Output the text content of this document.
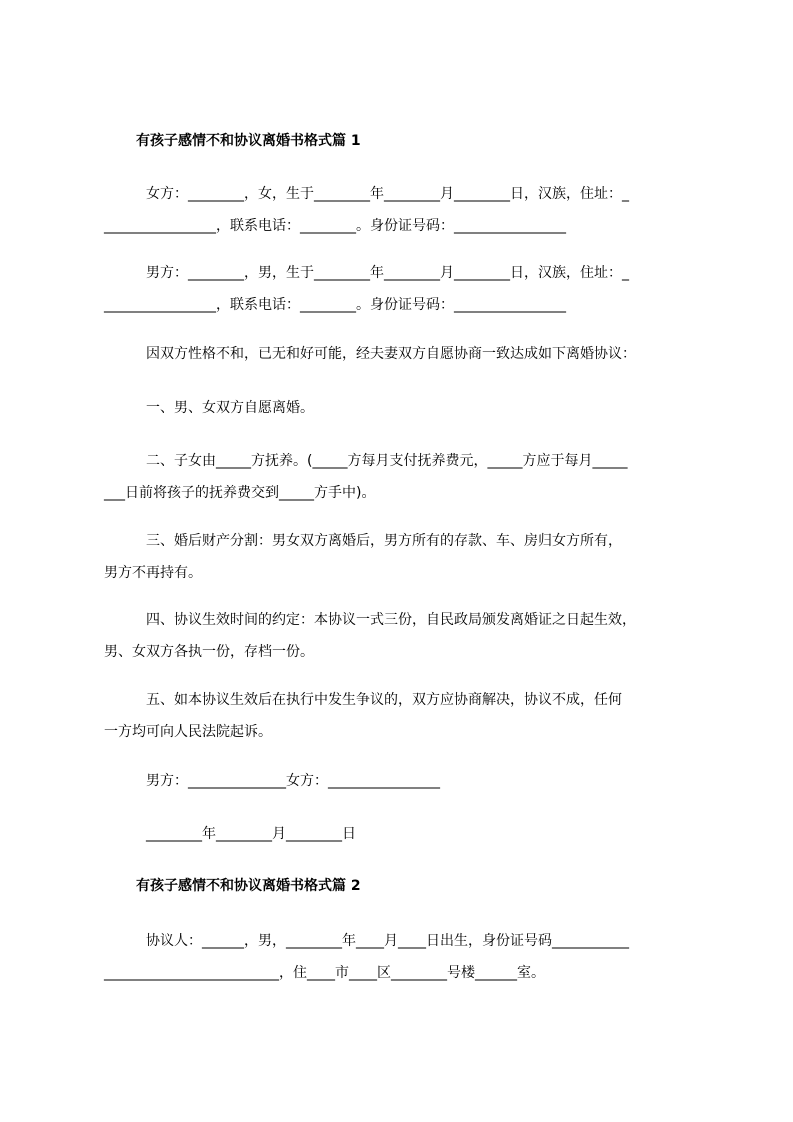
有孩子感情不和协议离婚书格式篇 1
女方：________，女，生于________年________月________日，汉族，住址：_
________________，联系电话：________。身份证号码：________________
男方：________，男，生于________年________月________日，汉族，住址：_
________________，联系电话：________。身份证号码：________________
因双方性格不和，已无和好可能，经夫妻双方自愿协商一致达成如下离婚协议：
一、男、女双方自愿离婚。
二、子女由_____方抚养。(_____方每月支付抚养费元，_____方应于每月_____
___日前将孩子的抚养费交到_____方手中)。
三、婚后财产分割：男女双方离婚后，男方所有的存款、车、房归女方所有，
男方不再持有。
四、协议生效时间的约定：本协议一式三份，自民政局颁发离婚证之日起生效，
男、女双方各执一份，存档一份。
五、如本协议生效后在执行中发生争议的，双方应协商解决，协议不成，任何
一方均可向人民法院起诉。
男方：______________女方：________________
________年________月________日
有孩子感情不和协议离婚书格式篇 2
协议人：______，男，________年____月____日出生，身份证号码___________
_________________________，住____市____区________号楼______室。
